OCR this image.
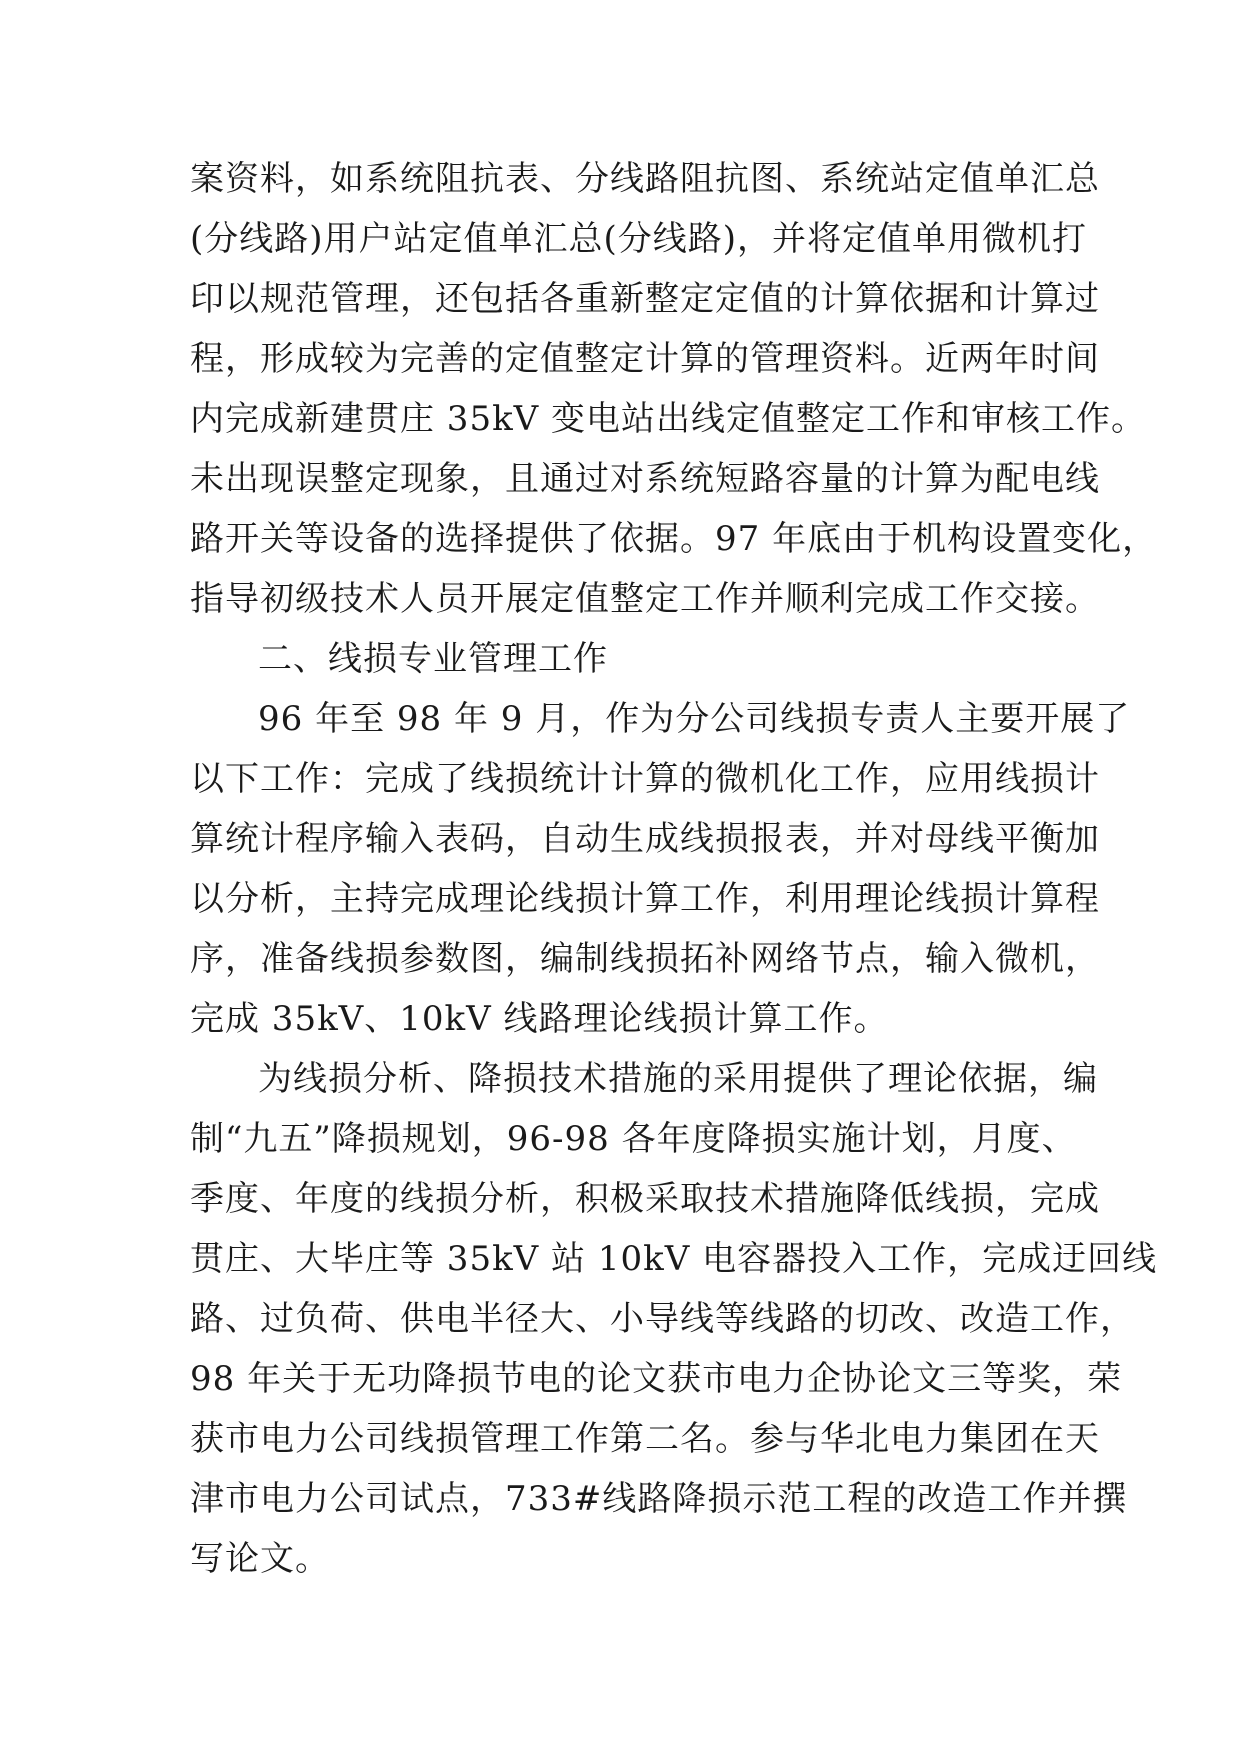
案资料，如系统阻抗表、分线路阻抗图、系统站定值单汇总
(分线路)用户站定值单汇总(分线路)，并将定值单用微机打
印以规范管理，还包括各重新整定定值的计算依据和计算过
程，形成较为完善的定值整定计算的管理资料。近两年时间
内完成新建贯庄 35kV 变电站出线定值整定工作和审核工作。
未出现误整定现象，且通过对系统短路容量的计算为配电线
路开关等设备的选择提供了依据。97 年底由于机构设置变化，
指导初级技术人员开展定值整定工作并顺利完成工作交接。
二、线损专业管理工作
96 年至 98 年 9 月，作为分公司线损专责人主要开展了
以下工作：完成了线损统计计算的微机化工作，应用线损计
算统计程序输入表码，自动生成线损报表，并对母线平衡加
以分析，主持完成理论线损计算工作，利用理论线损计算程
序，准备线损参数图，编制线损拓补网络节点，输入微机，
完成 35kV、10kV 线路理论线损计算工作。
为线损分析、降损技术措施的采用提供了理论依据，编
制“九五”降损规划，96-98 各年度降损实施计划，月度、
季度、年度的线损分析，积极采取技术措施降低线损，完成
贯庄、大毕庄等 35kV 站 10kV 电容器投入工作，完成迂回线
路、过负荷、供电半径大、小导线等线路的切改、改造工作，
98 年关于无功降损节电的论文获市电力企协论文三等奖，荣
获市电力公司线损管理工作第二名。参与华北电力集团在天
津市电力公司试点，733#线路降损示范工程的改造工作并撰
写论文。
